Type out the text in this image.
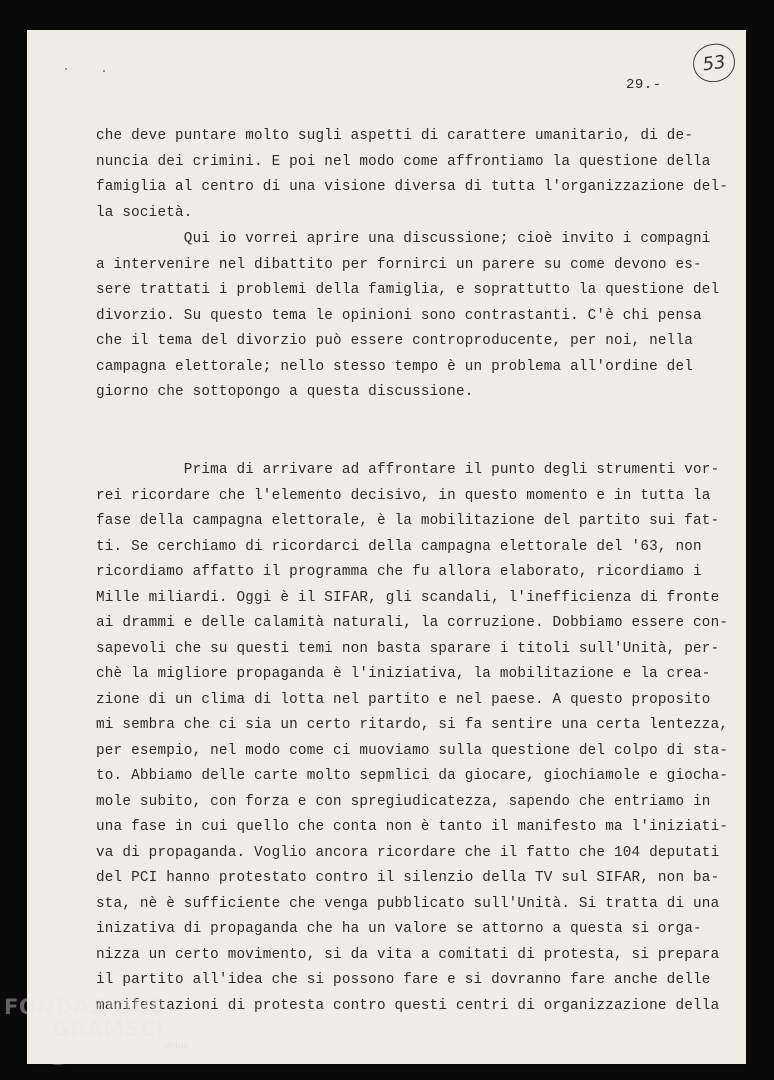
29.-
53

che deve puntare molto sugli aspetti di carattere umanitario, di de-

nuncia dei crimini. E poi nel modo come affrontiamo la questione della

famiglia al centro di una visione diversa di tutta l'organizzazione del-

la società.

Qui io vorrei aprire una discussione; cioè invito i compagni

a intervenire nel dibattito per fornirci un parere su come devono es-

sere trattati i problemi della famiglia, e soprattutto la questione del

divorzio. Su questo tema le opinioni sono contrastanti. C'è chi pensa

che il tema del divorzio può essere controproducente, per noi, nella

campagna elettorale; nello stesso tempo è un problema all'ordine del

giorno che sottopongo a questa discussione.

Prima di arrivare ad affrontare il punto degli strumenti vor-

rei ricordare che l'elemento decisivo, in questo momento e in tutta la

fase della campagna elettorale, è la mobilitazione del partito sui fat-

ti. Se cerchiamo di ricordarci della campagna elettorale del '63, non

ricordiamo affatto il programma che fu allora elaborato, ricordiamo i

Mille miliardi. Oggi è il SIFAR, gli scandali, l'inefficienza di fronte

ai drammi e delle calamità naturali, la corruzione. Dobbiamo essere con-

sapevoli che su questi temi non basta sparare i titoli sull'Unità, per-

chè la migliore propaganda è l'iniziativa, la mobilitazione e la crea-

zione di un clima di lotta nel partito e nel paese. A questo proposito

mi sembra che ci sia un certo ritardo, si fa sentire una certa lentezza,

per esempio, nel modo come ci muoviamo sulla questione del colpo di sta-

to. Abbiamo delle carte molto sepmlici da giocare, giochiamole e giocha-

mole subito, con forza e con spregiudicatezza, sapendo che entriamo in

una fase in cui quello che conta non è tanto il manifesto ma l'iniziati-

va di propaganda. Voglio ancora ricordare che il fatto che 104 deputati

del PCI hanno protestato contro il silenzio della TV sul SIFAR, non ba-

sta, nè è sufficiente che venga pubblicato sull'Unità. Si tratta di una

inizativa di propaganda che ha un valore se attorno a questa si orga-

nizza un certo movimento, si da vita a comitati di protesta, si prepara

il partito all'idea che si possono fare e si dovranno fare anche delle

manifestazioni di protesta contro questi centri di organizzazione della

FONDAZIONE
GRAMSCI
onlus
